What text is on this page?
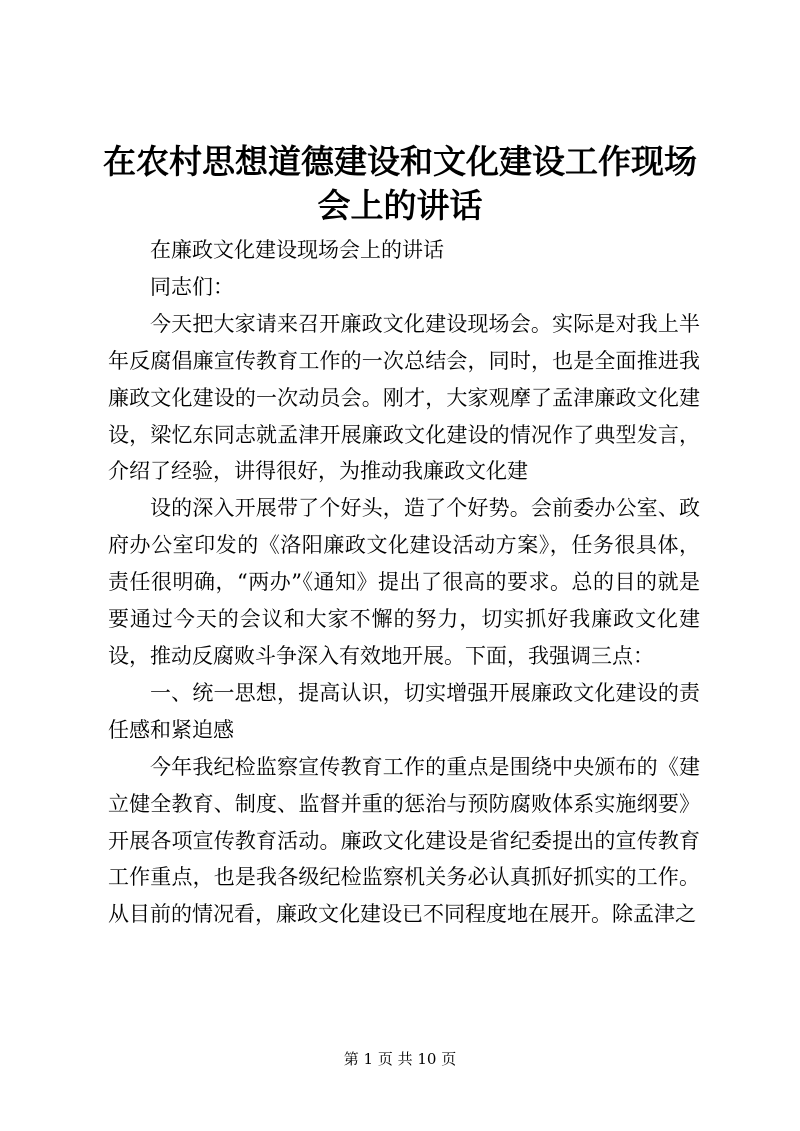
在农村思想道德建设和文化建设工作现场会上的讲话

在廉政文化建设现场会上的讲话

同志们：

今天把大家请来召开廉政文化建设现场会。实际是对我上半年反腐倡廉宣传教育工作的一次总结会，同时，也是全面推进我廉政文化建设的一次动员会。刚才，大家观摩了孟津廉政文化建设，梁忆东同志就孟津开展廉政文化建设的情况作了典型发言，介绍了经验，讲得很好，为推动我廉政文化建

设的深入开展带了个好头，造了个好势。会前委办公室、政府办公室印发的《洛阳廉政文化建设活动方案》，任务很具体，责任很明确，“两办”《通知》提出了很高的要求。总的目的就是要通过今天的会议和大家不懈的努力，切实抓好我廉政文化建设，推动反腐败斗争深入有效地开展。下面，我强调三点：

一、统一思想，提高认识，切实增强开展廉政文化建设的责任感和紧迫感

今年我纪检监察宣传教育工作的重点是围绕中央颁布的《建立健全教育、制度、监督并重的惩治与预防腐败体系实施纲要》开展各项宣传教育活动。廉政文化建设是省纪委提出的宣传教育工作重点，也是我各级纪检监察机关务必认真抓好抓实的工作。从目前的情况看，廉政文化建设已不同程度地在展开。除孟津之

第 1 页 共 10 页
